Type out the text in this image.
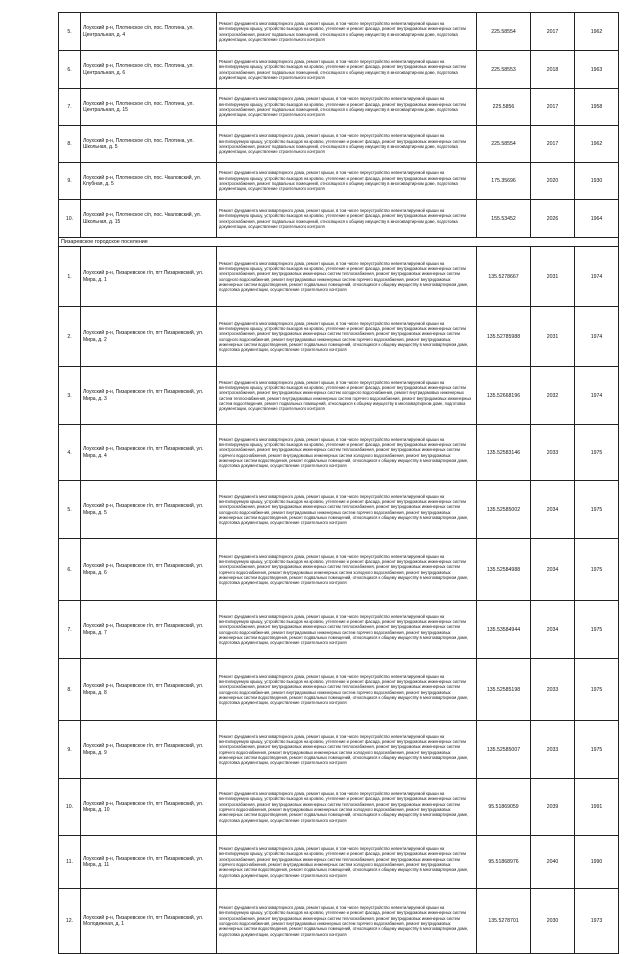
5.	Лоухский р-н, Плотинское с/п, пос. Плотина, ул. Центральная, д. 4	Ремонт фундамента многоквартирного дома, ремонт крыши, в том числе переустройство невентилируемой крыши на вентилируемую крышу, устройство выходов на кровлю, утепление и ремонт фасада, ремонт внутридомовых инженерных систем электроснабжения, ремонт подвальных помещений, относящихся к общему имуществу в многоквартирном доме, подготовка документации, осуществление строительного контроля	225.58554	2017	1962
6.	Лоухский р-н, Плотинское с/п, пос. Плотина, ул. Центральная, д. 6	Ремонт фундамента многоквартирного дома, ремонт крыши, в том числе переустройство невентилируемой крыши на вентилируемую крышу, устройство выходов на кровлю, утепление и ремонт фасада, ремонт внутридомовых инженерных систем электроснабжения, ремонт подвальных помещений, относящихся к общему имуществу в многоквартирном доме, подготовка документации, осуществление строительного контроля	225.58553	2018	1963
7.	Лоухский р-н, Плотинское с/п, пос. Плотина, ул. Центральная, д. 15	Ремонт фундамента многоквартирного дома, ремонт крыши, в том числе переустройство невентилируемой крыши на вентилируемую крышу, устройство выходов на кровлю, утепление и ремонт фасада, ремонт внутридомовых инженерных систем электроснабжения, ремонт подвальных помещений, относящихся к общему имуществу в многоквартирном доме, подготовка документации, осуществление строительного контроля	225.5856	2017	1958
8.	Лоухский р-н, Плотинское с/п, пос. Плотина, ул. Школьная, д. 5	Ремонт фундамента многоквартирного дома, ремонт крыши, в том числе переустройство невентилируемой крыши на вентилируемую крышу, устройство выходов на кровлю, утепление и ремонт фасада, ремонт внутридомовых инженерных систем электроснабжения, ремонт подвальных помещений, относящихся к общему имуществу в многоквартирном доме, подготовка документации, осуществление строительного контроля	225.58554	2017	1962
9.	Лоухский р-н, Плотинское с/п, пос. Чкаловский, ул. Клубная, д. 5	Ремонт фундамента многоквартирного дома, ремонт крыши, в том числе переустройство невентилируемой крыши на вентилируемую крышу, устройство выходов на кровлю, утепление и ремонт фасада, ремонт внутридомовых инженерных систем электроснабжения, ремонт подвальных помещений, относящихся к общему имуществу в многоквартирном доме, подготовка документации, осуществление строительного контроля	175.35696	2020	1930
10.	Лоухский р-н, Плотинское с/п, пос. Чкаловский, ул. Школьная, д. 15	Ремонт фундамента многоквартирного дома, ремонт крыши, в том числе переустройство невентилируемой крыши на вентилируемую крышу, устройство выходов на кровлю, утепление и ремонт фасада, ремонт внутридомовых инженерных систем электроснабжения, ремонт подвальных помещений, относящихся к общему имуществу в многоквартирном доме, подготовка документации, осуществление строительного контроля	155.53452	2026	1964
Пизаревское городское поселение					
1.	Лоухский р-н, Пизаревское г/п, пгт Пизаревский, ул. Мира, д. 1	Ремонт фундамента многоквартирного дома, ремонт крыши, в том числе переустройство невентилируемой крыши на вентилируемую крышу, устройство выходов на кровлю, утепление и ремонт фасада, ремонт внутридомовых инженерных систем электроснабжения, ремонт внутридомовых инженерных систем теплоснабжения, ремонт внутридомовых инженерных систем холодного водоснабжения, ремонт внутридомовых инженерных систем горячего водоснабжения, ремонт внутридомовых инженерных систем водоотведения, ремонт подвальных помещений, относящихся к общему имуществу в многоквартирном доме, подготовка документации, осуществление строительного контроля	135.5278667	2031	1974
2.	Лоухский р-н, Пизаревское г/п, пгт Пизаревский, ул. Мира, д. 2	Ремонт фундамента многоквартирного дома, ремонт крыши, в том числе переустройство невентилируемой крыши на вентилируемую крышу, устройство выходов на кровлю, утепление и ремонт фасада, ремонт внутридомовых инженерных систем электроснабжения, ремонт внутридомовых инженерных систем теплоснабжения, ремонт внутридомовых инженерных систем холодного водоснабжения, ремонт внутридомовых инженерных систем горячего водоснабжения, ремонт внутридомовых инженерных систем водоотведения, ремонт подвальных помещений, относящихся к общему имуществу в многоквартирном доме, подготовка документации, осуществление строительного контроля	135.52785988	2031	1974
3.	Лоухский р-н, Пизаревское г/п, пгт Пизаревский, ул. Мира, д. 3	Ремонт фундамента многоквартирного дома, ремонт крыши, в том числе переустройство невентилируемой крыши на вентилируемую крышу, устройство выходов на кровлю, утепление и ремонт фасада, ремонт внутридомовых инженерных систем электроснабжения, ремонт внутридомовых инженерных систем холодного водоснабжения, ремонт внутридомовых инженерных систем теплоснабжения, ремонт внутридомовых инженерных систем горячего водоснабжения, ремонт внутридомовых инженерных систем водоотведения, ремонт подвальных помещений, относящихся к общему имуществу в многоквартирном доме, подготовка документации, осуществление строительного контроля	135.52668196	2032	1974
4.	Лоухский р-н, Пизаревское г/п, пгт Пизаревский, ул. Мира, д. 4	Ремонт фундамента многоквартирного дома, ремонт крыши, в том числе переустройство невентилируемой крыши на вентилируемую крышу, устройство выходов на кровлю, утепление и ремонт фасада, ремонт внутридомовых инженерных систем электроснабжения, ремонт внутридомовых инженерных систем теплоснабжения, ремонт внутридомовых инженерных систем горячего водоснабжения, ремонт внутридомовых инженерных систем холодного водоснабжения, ремонт внутридомовых инженерных систем водоотведения, ремонт подвальных помещений, относящихся к общему имуществу в многоквартирном доме, подготовка документации, осуществление строительного контроля	135.52583146	2033	1975
5.	Лоухский р-н, Пизаревское г/п, пгт Пизаревский, ул. Мира, д. 5	Ремонт фундамента многоквартирного дома, ремонт крыши, в том числе переустройство невентилируемой крыши на вентилируемую крышу, устройство выходов на кровлю, утепление и ремонт фасада, ремонт внутридомовых инженерных систем электроснабжения, ремонт внутридомовых инженерных систем теплоснабжения, ремонт внутридомовых инженерных систем холодного водоснабжения, ремонт внутридомовых инженерных систем горячего водоснабжения, ремонт внутридомовых инженерных систем водоотведения, ремонт подвальных помещений, относящихся к общему имуществу в многоквартирном доме, подготовка документации, осуществление строительного контроля	135.52585002	2034	1975
6.	Лоухский р-н, Пизаревское г/п, пгт Пизаревский, ул. Мира, д. 6	Ремонт фундамента многоквартирного дома, ремонт крыши, в том числе переустройство невентилируемой крыши на вентилируемую крышу, устройство выходов на кровлю, утепление и ремонт фасада, ремонт внутридомовых инженерных систем электроснабжения, ремонт внутридомовых инженерных систем теплоснабжения, ремонт внутридомовых инженерных систем горячего водоснабжения, ремонт внутридомовых инженерных систем холодного водоснабжения, ремонт внутридомовых инженерных систем водоотведения, ремонт подвальных помещений, относящихся к общему имуществу в многоквартирном доме, подготовка документации, осуществление строительного контроля	135.52584988	2034	1975
7.	Лоухский р-н, Пизаревское г/п, пгт Пизаревский, ул. Мира, д. 7	Ремонт фундамента многоквартирного дома, ремонт крыши, в том числе переустройство невентилируемой крыши на вентилируемую крышу, устройство выходов на кровлю, утепление и ремонт фасада, ремонт внутридомовых инженерных систем электроснабжения, ремонт внутридомовых инженерных систем теплоснабжения, ремонт внутридомовых инженерных систем холодного водоснабжения, ремонт внутридомовых инженерных систем горячего водоснабжения, ремонт внутридомовых инженерных систем водоотведения, ремонт подвальных помещений, относящихся к общему имуществу в многоквартирном доме, подготовка документации, осуществление строительного контроля	135.53584944	2034	1975
8.	Лоухский р-н, Пизаревское г/п, пгт Пизаревский, ул. Мира, д. 8	Ремонт фундамента многоквартирного дома, ремонт крыши, в том числе переустройство невентилируемой крыши на вентилируемую крышу, устройство выходов на кровлю, утепление и ремонт фасада, ремонт внутридомовых инженерных систем электроснабжения, ремонт внутридомовых инженерных систем теплоснабжения, ремонт внутридомовых инженерных систем холодного водоснабжения, ремонт внутридомовых инженерных систем горячего водоснабжения, ремонт внутридомовых инженерных систем водоотведения, ремонт подвальных помещений, относящихся к общему имуществу в многоквартирном доме, подготовка документации, осуществление строительного контроля	135.52585198	2033	1975
9.	Лоухский р-н, Пизаревское г/п, пгт Пизаревский, ул. Мира, д. 9	Ремонт фундамента многоквартирного дома, ремонт крыши, в том числе переустройство невентилируемой крыши на вентилируемую крышу, устройство выходов на кровлю, утепление и ремонт фасада, ремонт внутридомовых инженерных систем электроснабжения, ремонт внутридомовых инженерных систем теплоснабжения, ремонт внутридомовых инженерных систем горячего водоснабжения, ремонт внутридомовых инженерных систем холодного водоснабжения, ремонт внутридомовых инженерных систем водоотведения, ремонт подвальных помещений, относящихся к общему имуществу в многоквартирном доме, подготовка документации, осуществление строительного контроля	135.52585007	2033	1975
10.	Лоухский р-н, Пизаревское г/п, пгт Пизаревский, ул. Мира, д. 10	Ремонт фундамента многоквартирного дома, ремонт крыши, в том числе переустройство невентилируемой крыши на вентилируемую крышу, устройство выходов на кровлю, утепление и ремонт фасада, ремонт внутридомовых инженерных систем электроснабжения, ремонт внутридомовых инженерных систем теплоснабжения, ремонт внутридомовых инженерных систем горячего водоснабжения, ремонт внутридомовых инженерных систем холодного водоснабжения, ремонт внутридомовых инженерных систем водоотведения, ремонт подвальных помещений, относящихся к общему имуществу в многоквартирном доме, подготовка документации, осуществление строительного контроля	95.51869059	2039	1991
11.	Лоухский р-н, Пизаревское г/п, пгт Пизаревский, ул. Мира, д. 11	Ремонт фундамента многоквартирного дома, ремонт крыши, в том числе переустройство невентилируемой крыши на вентилируемую крышу, устройство выходов на кровлю, утепление и ремонт фасада, ремонт внутридомовых инженерных систем электроснабжения, ремонт внутридомовых инженерных систем теплоснабжения, ремонт внутридомовых инженерных систем горячего водоснабжения, ремонт внутридомовых инженерных систем холодного водоснабжения, ремонт внутридомовых инженерных систем водоотведения, ремонт подвальных помещений, относящихся к общему имуществу в многоквартирном доме, подготовка документации, осуществление строительного контроля	95.51868976	2040	1990
12.	Лоухский р-н, Пизаревское г/п, пгт Пизаревский, ул. Молодежная, д. 1	Ремонт фундамента многоквартирного дома, ремонт крыши, в том числе переустройство невентилируемой крыши на вентилируемую крышу, устройство выходов на кровлю, утепление и ремонт фасада, ремонт внутридомовых инженерных систем электроснабжения, ремонт внутридомовых инженерных систем теплоснабжения, ремонт внутридомовых инженерных систем холодного водоснабжения, ремонт внутридомовых инженерных систем горячего водоснабжения, ремонт внутридомовых инженерных систем водоотведения, ремонт подвальных помещений, относящихся к общему имуществу в многоквартирном доме, подготовка документации, осуществление строительного контроля	135.5278701	2030	1973
